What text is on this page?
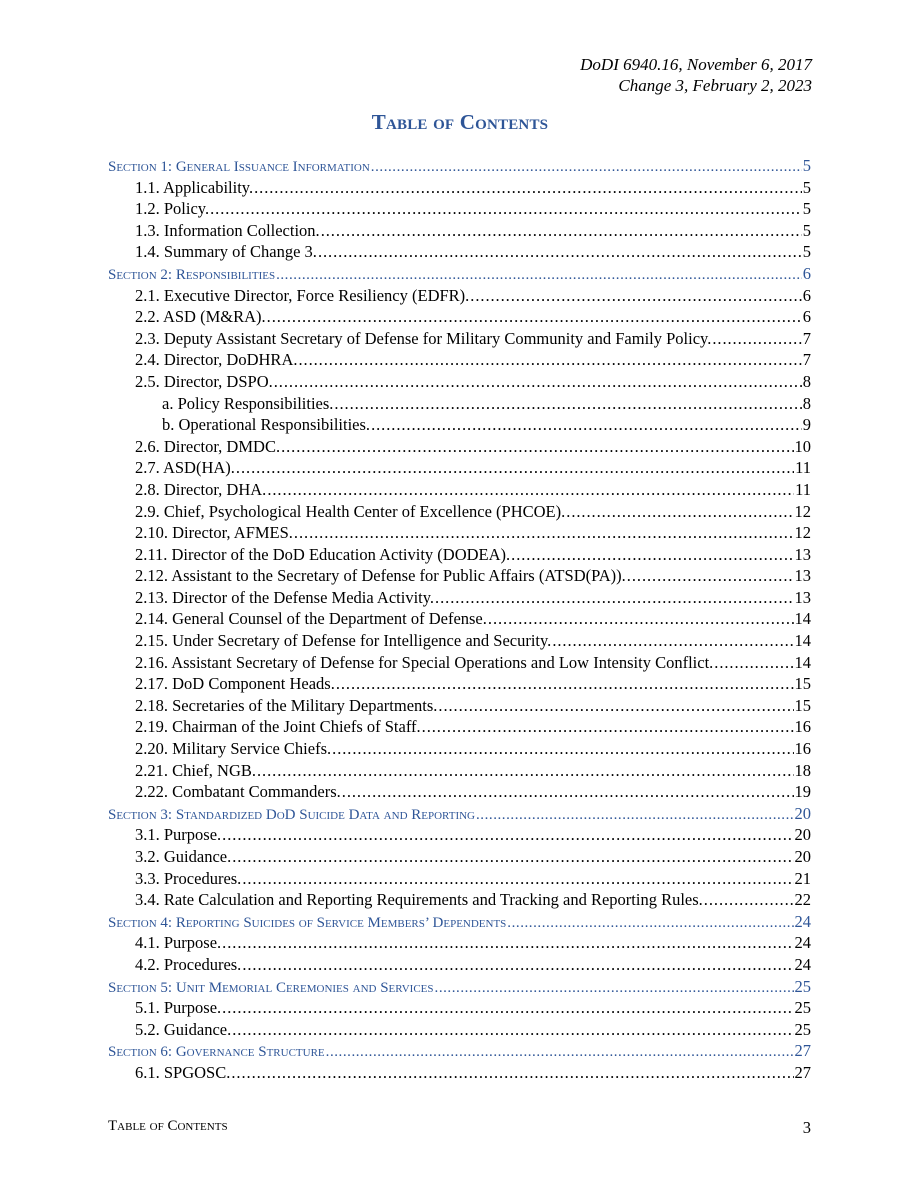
DoDI 6940.16, November 6, 2017
Change 3, February 2, 2023
Table of Contents
Section 1: General Issuance Information . . .	5
1.1. Applicability. . . .	5
1.2. Policy. . . .	5
1.3. Information Collection. . . .	5
1.4. Summary of Change 3. . . .	5
Section 2: Responsibilities . . .	6
2.1. Executive Director, Force Resiliency (EDFR). . . .	6
2.2. ASD (M&RA). . . .	6
2.3. Deputy Assistant Secretary of Defense for Military Community and Family Policy. . . .	7
2.4. Director, DoDHRA. . . .	7
2.5. Director, DSPO. . . .	8
a. Policy Responsibilities. . . .	8
b. Operational Responsibilities. . . .	9
2.6. Director, DMDC. . . .	10
2.7. ASD(HA). . . .	11
2.8. Director, DHA. . . .	11
2.9. Chief, Psychological Health Center of Excellence (PHCOE). . . .	12
2.10. Director, AFMES. . . .	12
2.11. Director of the DoD Education Activity (DODEA). . . .	13
2.12. Assistant to the Secretary of Defense for Public Affairs (ATSD(PA)). . . .	13
2.13. Director of the Defense Media Activity. . . .	13
2.14. General Counsel of the Department of Defense. . . .	14
2.15. Under Secretary of Defense for Intelligence and Security. . . .	14
2.16. Assistant Secretary of Defense for Special Operations and Low Intensity Conflict. . . .	14
2.17. DoD Component Heads. . . .	15
2.18. Secretaries of the Military Departments. . . .	15
2.19. Chairman of the Joint Chiefs of Staff. . . .	16
2.20. Military Service Chiefs. . . .	16
2.21. Chief, NGB. . . .	18
2.22. Combatant Commanders. . . .	19
Section 3: Standardized DoD Suicide Data and Reporting . . .	20
3.1. Purpose. . . .	20
3.2. Guidance. . . .	20
3.3. Procedures. . . .	21
3.4. Rate Calculation and Reporting Requirements and Tracking and Reporting Rules. . . .	22
Section 4: Reporting Suicides of Service Members’ Dependents . . .	24
4.1. Purpose. . . .	24
4.2. Procedures. . . .	24
Section 5: Unit Memorial Ceremonies and Services . . .	25
5.1. Purpose. . . .	25
5.2. Guidance. . . .	25
Section 6: Governance Structure . . .	27
6.1. SPGOSC. . . .	27
Table of Contents	3
